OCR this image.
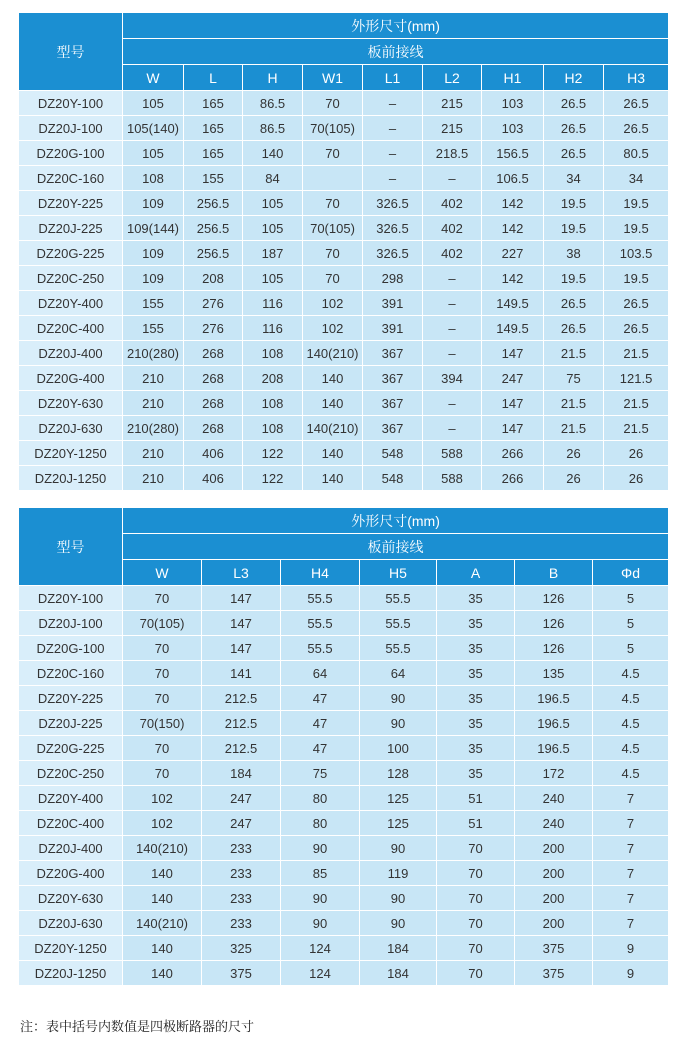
型号	外形尺寸(mm)								
	板前接线								
	W	L	H	W1	L1	L2	H1	H2	H3
DZ20Y-100	105	165	86.5	70	–	215	103	26.5	26.5
DZ20J-100	105(140)	165	86.5	70(105)	–	215	103	26.5	26.5
DZ20G-100	105	165	140	70	–	218.5	156.5	26.5	80.5
DZ20C-160	108	155	84		–	–	106.5	34	34
DZ20Y-225	109	256.5	105	70	326.5	402	142	19.5	19.5
DZ20J-225	109(144)	256.5	105	70(105)	326.5	402	142	19.5	19.5
DZ20G-225	109	256.5	187	70	326.5	402	227	38	103.5
DZ20C-250	109	208	105	70	298	–	142	19.5	19.5
DZ20Y-400	155	276	116	102	391	–	149.5	26.5	26.5
DZ20C-400	155	276	116	102	391	–	149.5	26.5	26.5
DZ20J-400	210(280)	268	108	140(210)	367	–	147	21.5	21.5
DZ20G-400	210	268	208	140	367	394	247	75	121.5
DZ20Y-630	210	268	108	140	367	–	147	21.5	21.5
DZ20J-630	210(280)	268	108	140(210)	367	–	147	21.5	21.5
DZ20Y-1250	210	406	122	140	548	588	266	26	26
DZ20J-1250	210	406	122	140	548	588	266	26	26
型号	外形尺寸(mm)						
	板前接线						
	W	L3	H4	H5	A	B	Φd
DZ20Y-100	70	147	55.5	55.5	35	126	5
DZ20J-100	70(105)	147	55.5	55.5	35	126	5
DZ20G-100	70	147	55.5	55.5	35	126	5
DZ20C-160	70	141	64	64	35	135	4.5
DZ20Y-225	70	212.5	47	90	35	196.5	4.5
DZ20J-225	70(150)	212.5	47	90	35	196.5	4.5
DZ20G-225	70	212.5	47	100	35	196.5	4.5
DZ20C-250	70	184	75	128	35	172	4.5
DZ20Y-400	102	247	80	125	51	240	7
DZ20C-400	102	247	80	125	51	240	7
DZ20J-400	140(210)	233	90	90	70	200	7
DZ20G-400	140	233	85	119	70	200	7
DZ20Y-630	140	233	90	90	70	200	7
DZ20J-630	140(210)	233	90	90	70	200	7
DZ20Y-1250	140	325	124	184	70	375	9
DZ20J-1250	140	375	124	184	70	375	9
注：表中括号内数值是四极断路器的尺寸
